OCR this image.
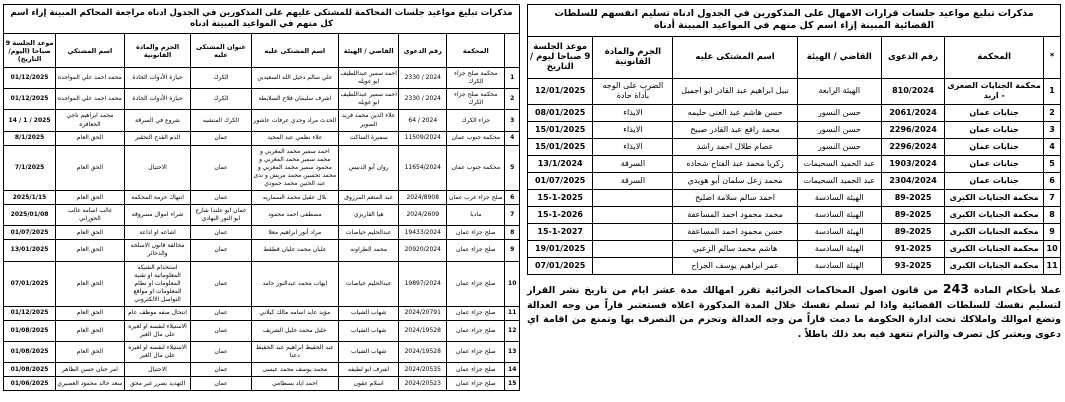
مذكرات تبليغ مواعيد جلسات المحاكمة للمشتكى عليهم على المذكورين في الجدول ادناه مراجعة المحاكم المبينة إزاء اسم كل منهم في المواعيد المبينة ادناه
	المحكمة	رقم الدعوى	القاضي / الهيئة	اسم المشتكى عليه	عنوان المشتكى عليه	الجرم والمادة القانونية	اسم المشتكي	موعد الجلسة 9 صباحا (اليوم/التاريخ)
1	محكمة صلح جزاء الكرك	2330 / 2024	احمد سمير عبداللطيف ابو غويله	علي سالم دخيل الله السعيدين	الكرك	حيازة الأدوات الحادة	محمد احمد علي المواجده	01/12/2025
2	محكمة صلح جزاء الكرك	2330 / 2024	احمد سمير عبداللطيف ابو غويله	اشرف سليمان فلاح السلايطة	الكرك	حيازة الأدوات الحادة	محمد احمد علي المواجده	01/12/2025
3	جزاء الكرك	64 / 2024	علاء الدين محمد فريد الصوير	الحدث مراد وجدي عرفات عاشور	الكرك المنشيه	شروع في السرقة	محمد ابراهيم ناجي الجعافره	14 / 1 / 2025
4	محكمة جنوب عمان	11509/2024	سميرة الساكت	علاء نظمي عبد المجيد	عمان	الذم القدح التحقير	الحق العام	8/1/2025
5	محكمة جنوب عمان	11654/2024	روان أبو الدنيس	احمد سمير محمد المغربي و محمد سمير محمد المغربي و محمود سمير محمد المغربي و محمد تحسين محمد مريش و ندى عبد الحنين محمد حمودي	عمان	الاحتيال	الحق العام	7/1/2025
6	صلح جزاء غرب عمان	2024/8908	عبد المنعم المرزوق	بلال عقيل محمد السماريه	عمان	انتهاك حرمة المحكمة	الحق العام	2025/1/15
7	مادبا	2024/2609	هيا القاريزي	مصطفى احمد محمود	عمان ابو علندا شارع ابو النور البهادي	شراء اموال مسروقه	غالب اسامه غالب الحوراني	2025/01/08
8	صلح جزاء عمان	19433/2024	عبدالحليم حياصات	مراد أنور ابراهيم معلا	عمان	اشاعه او اذاعة	الحق العام	01/07/2025
9	صلح جزاء عمان	20920/2024	محمد الطراونه	عليان محمد عليان قطقط	عمان	مخالفة قانون الاسلحه والذخائر	الحق العام	13/01/2025
10	صلح جزاء عمان	19897/2024	عبدالحليم حياصات	ايهاب محمد عبدالنور حامد	عمان	استخدام الشبكه المعلوماتية او تقنية المعلومات او نظام المعلومات او مواقع التواصل الالكتروني	الحق العام	07/01/2025
11	صلح جزاء عمان	2024/20791	شهاب الشياب	مؤيد عايد اسامه مالك كيلاني	عمان	انتحال صفه موظف عام	الحق العام	01/12/2025
12	صلح جزاء عمان	2024/19528	شهاب الشياب	خليل محمد خليل الشريف	عمان	الاستيلاء لنفسه او لغيره على مال الغير	الحق العام	01/08/2025
13	صلح جزاء عمان	2024/19528	شهاب الشياب	عبد الحفيظ ابراهيم عبد الحفيظ دعنا	عمان	الاستيلاء لنفسه او لغيره على مال الغير	الحق العام	01/08/2025
14	صلح جزاء عمان	2024/20535	اشرف ابو لطيفه	محمد يوسف محمد عيسى	عمان	الاحتيال	امر حنان حسن الظاهر	01/08/2025
15	صلح جزاء عمان	2024/20523	اسلام عقون	احمد اياد بسطامي	عمان	التهديد بضرر غير محق	سعد خالد محمود العصيري	01/06/2025
مذكرات تبليغ مواعيد جلسات قرارات الامهال على المذكورين في الجدول ادناه تسليم انفسهم للسلطات القضائية المبينة إزاء اسم كل منهم في المواعيد المبينة أدناه
*	المحكمة	رقم الدعوى	القاضي / الهيئة	اسم المشتكى عليه	الجرم والمادة القانونية	موعد الجلسة 9 صباحا ليوم / التاريخ
1	محكمة الجنايات الصغرى - اربد	810/2024	الهيئة الرابعة	نبيل ابراهيم عبد القادر ابو اجميل	الضرب على الوجه بأداة حادة	12/01/2025
2	جنايات عمان	2061/2024	حسن النسور	حسن هاشم عبد الغني حليمه	الايذاء	08/01/2025
3	جنايات عمان	2296/2024	حسن النسور	محمد رافع عبد القادر صبيح	الايذاء	15/01/2025
4	جنايات عمان	2296/2024	حسن النسور	عصام طلال احمد راشد	الايذاء	15/01/2025
5	جنايات عمان	1903/2024	عبد الحميد السحيمات	زكريا محمد عبد الفتاح شحاده	السرقة	13/1/2024
6	جنايات عمان	2304/2024	عبد الحميد السحيمات	محمد زعل سلمان أبو هويدي	السرقة	01/07/2025
7	محكمة الجنايات الكبرى	89-2025	الهيئة السادسة	احمد سالم سلامة اصليح		15-1-2025
8	محكمة الجنايات الكبرى	89-2025	الهيئة السادسة	محمد محمود احمد المساعفة		15-1-2026
9	محكمة الجنايات الكبرى	89-2025	الهيئة السادسة	حسن محمود احمد المساعفة		15-1-2027
10	محكمة الجنايات الكبرى	91-2025	الهيئة السادسة	هاشم محمد سالم الزعبي		19/01/2025
11	محكمة الجنايات الكبرى	93-2025	الهيئة السادسة	عمر ابراهيم يوسف الجراح		07/01/2025

عملا بأحكام المادة 243 من قانون اصول المحاكمات الجزائية تقرر امهالك مدة عشر ايام من تاريخ نشر القرار لتسليم نفسك للسلطات القضائية واذا لم تسلم نفسك خلال المدة المذكورة اعلاه فستعتبر فاراً من وجه العدالة وتضع اموالك واملاكك تحت ادارة الحكومة ما دمت فاراً من وجه العدالة وتحرم من التصرف بها وتمنع من اقامة اي دعوى ويعتبر كل تصرف والتزام تتعهد فيه بعد ذلك باطلاً .
